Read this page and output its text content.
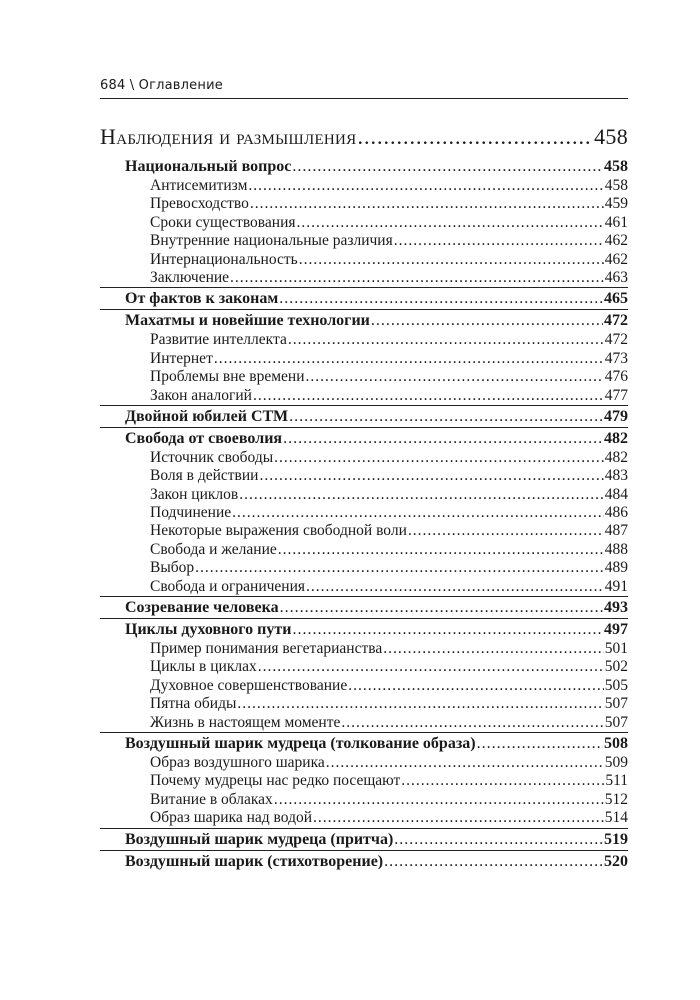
684 \ Оглавление
Наблюдения и размышления .....	458
Национальный вопрос .....	458
Антисемитизм .....	458
Превосходство .....	459
Сроки существования .....	461
Внутренние национальные различия .....	462
Интернациональность .....	462
Заключение .....	463
От фактов к законам .....	465
Махатмы и новейшие технологии .....	472
Развитие интеллекта .....	472
Интернет .....	473
Проблемы вне времени .....	476
Закон аналогий .....	477
Двойной юбилей СТМ .....	479
Свобода от своеволия .....	482
Источник свободы .....	482
Воля в действии .....	483
Закон циклов .....	484
Подчинение .....	486
Некоторые выражения свободной воли .....	487
Свобода и желание .....	488
Выбор .....	489
Свобода и ограничения .....	491
Созревание человека .....	493
Циклы духовного пути .....	497
Пример понимания вегетарианства .....	501
Циклы в циклах .....	502
Духовное совершенствование .....	505
Пятна обиды .....	507
Жизнь в настоящем моменте .....	507
Воздушный шарик мудреца (толкование образа) .....	508
Образ воздушного шарика .....	509
Почему мудрецы нас редко посещают .....	511
Витание в облаках .....	512
Образ шарика над водой .....	514
Воздушный шарик мудреца (притча) .....	519
Воздушный шарик (стихотворение) .....	520
